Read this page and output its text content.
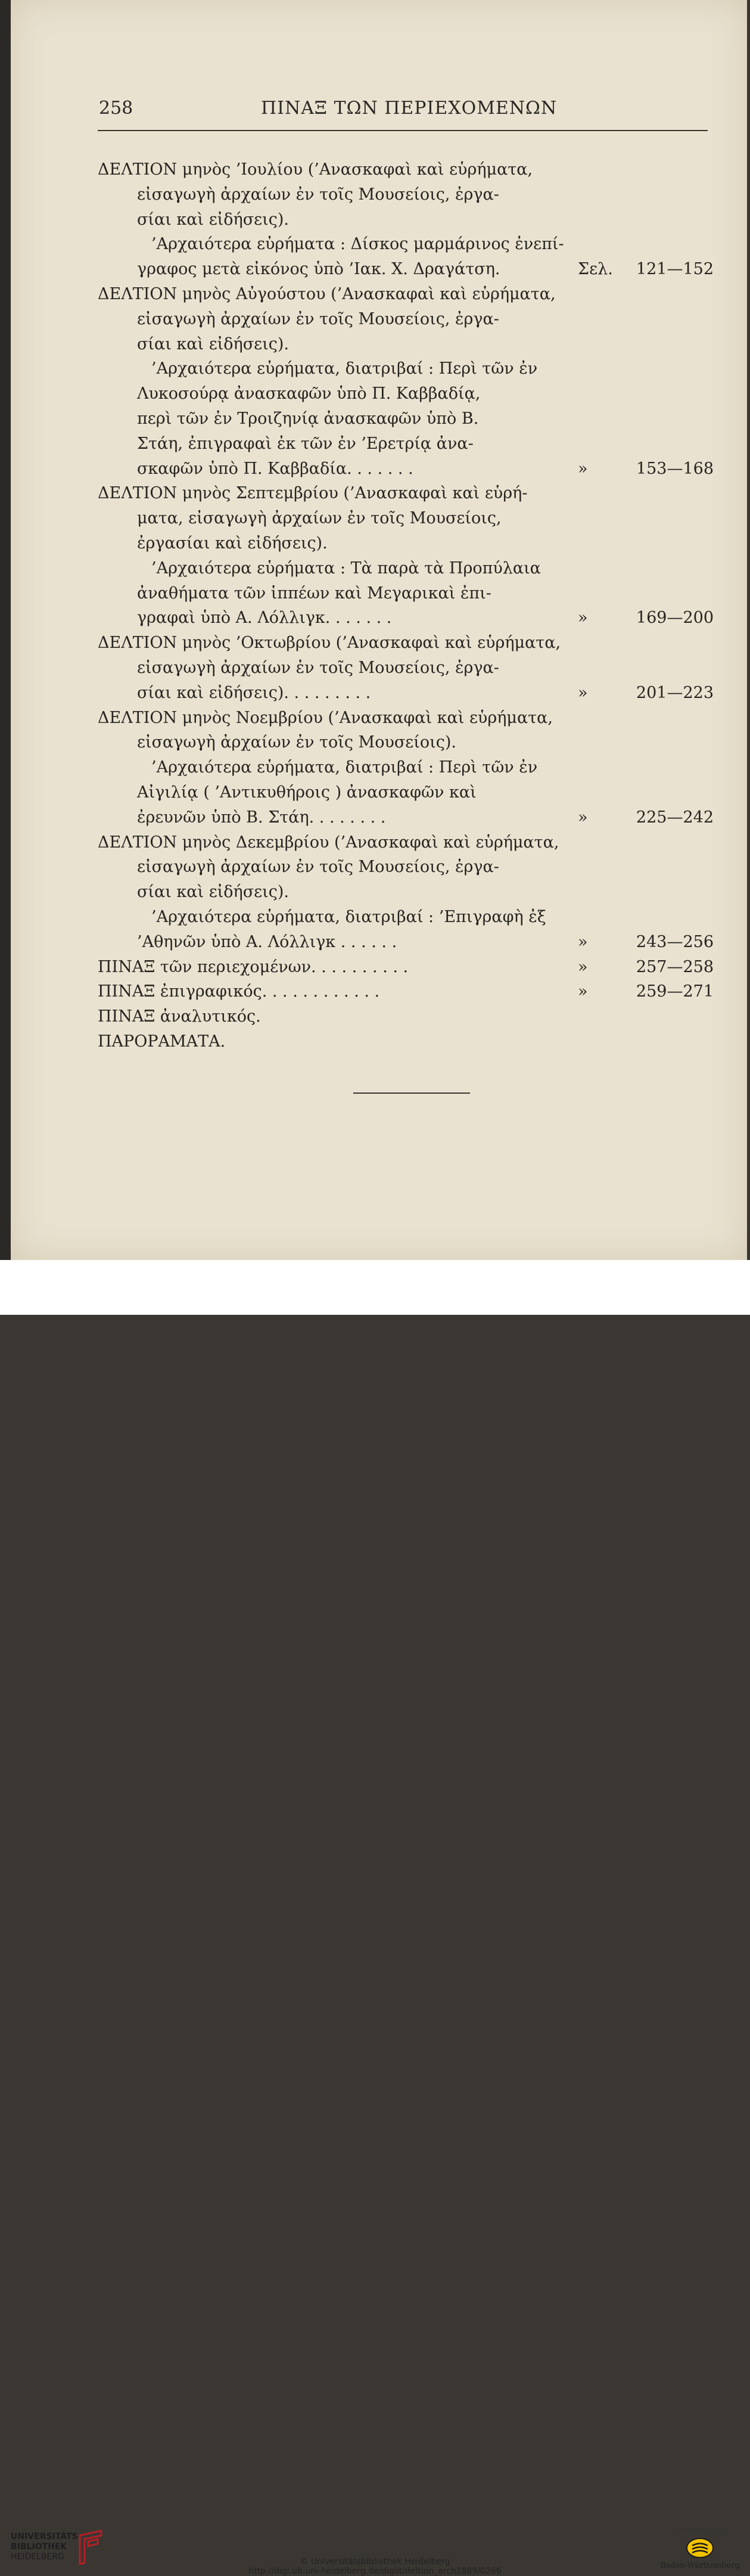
258	ΠΙΝΑΞ ΤΩΝ ΠΕΡΙΕΧΟΜΕΝΩΝ
ΔΕΛΤΙΟΝ μηνὸς ’Ιουλίου (’Ανασκαφαὶ καὶ εὑρήματα,
εἰσαγωγὴ ἀρχαίων ἐν τοῖς Μουσείοις, ἐργα-
σίαι καὶ εἰδήσεις).
’Αρχαιότερα εὑρήματα : Δίσκος μαρμάρινος ἐνεπί-
γραφος μετὰ εἰκόνος ὑπὸ ’Ιακ. Χ. Δραγάτση.	Σελ.	121—152
ΔΕΛΤΙΟΝ μηνὸς Αὐγούστου (’Ανασκαφαὶ καὶ εὑρήματα,
εἰσαγωγὴ ἀρχαίων ἐν τοῖς Μουσείοις, ἐργα-
σίαι καὶ εἰδήσεις).
’Αρχαιότερα εὑρήματα, διατριβαί : Περὶ τῶν ἐν
Λυκοσούρᾳ ἀνασκαφῶν ὑπὸ Π. Καββαδίᾳ,
περὶ τῶν ἐν Τροιζηνίᾳ ἀνασκαφῶν ὑπὸ Β.
Στάη, ἐπιγραφαὶ ἐκ τῶν ἐν ’Ερετρίᾳ ἀνα-
σκαφῶν ὑπὸ Π. Καββαδία. . . . . . .	»	153—168
ΔΕΛΤΙΟΝ μηνὸς Σεπτεμβρίου (’Ανασκαφαὶ καὶ εὑρή-
ματα, εἰσαγωγὴ ἀρχαίων ἐν τοῖς Μουσείοις,
ἐργασίαι καὶ εἰδήσεις).
’Αρχαιότερα εὑρήματα : Τὰ παρὰ τὰ Προπύλαια
ἀναθήματα τῶν ἱππέων καὶ Μεγαρικαὶ ἐπι-
γραφαὶ ὑπὸ Α. Λόλλιγκ. . . . . . .	»	169—200
ΔΕΛΤΙΟΝ μηνὸς ’Οκτωβρίου (’Ανασκαφαὶ καὶ εὑρήματα,
εἰσαγωγὴ ἀρχαίων ἐν τοῖς Μουσείοις, ἐργα-
σίαι καὶ εἰδήσεις). . . . . . . . .	»	201—223
ΔΕΛΤΙΟΝ μηνὸς Νοεμβρίου (’Ανασκαφαὶ καὶ εὑρήματα,
εἰσαγωγὴ ἀρχαίων ἐν τοῖς Μουσείοις).
’Αρχαιότερα εὑρήματα, διατριβαί : Περὶ τῶν ἐν
Αἰγιλίᾳ ( ’Αντικυθήροις ) ἀνασκαφῶν καὶ
ἐρευνῶν ὑπὸ Β. Στάη. . . . . . . .	»	225—242
ΔΕΛΤΙΟΝ μηνὸς Δεκεμβρίου (’Ανασκαφαὶ καὶ εὑρήματα,
εἰσαγωγὴ ἀρχαίων ἐν τοῖς Μουσείοις, ἐργα-
σίαι καὶ εἰδήσεις).
’Αρχαιότερα εὑρήματα, διατριβαί : ’Επιγραφὴ ἐξ
’Αθηνῶν ὑπὸ Α. Λόλλιγκ . . . . . .	»	243—256
ΠΙΝΑΞ τῶν περιεχομένων. . . . . . . . . .	»	257—258
ΠΙΝΑΞ ἐπιγραφικός. . . . . . . . . . . .	»	259—271
ΠΙΝΑΞ ἀναλυτικός.
ΠΑΡΟΡΑΜΑΤΑ.
UNIVERSITÄTS-
BIBLIOTHEK
HEIDELBERG	© Universitätsbibliothek Heidelberg
http://digi.ub.uni-heidelberg.de/diglit/deltion_arch1889/0266
gefördert durch
Baden-Württemberg
